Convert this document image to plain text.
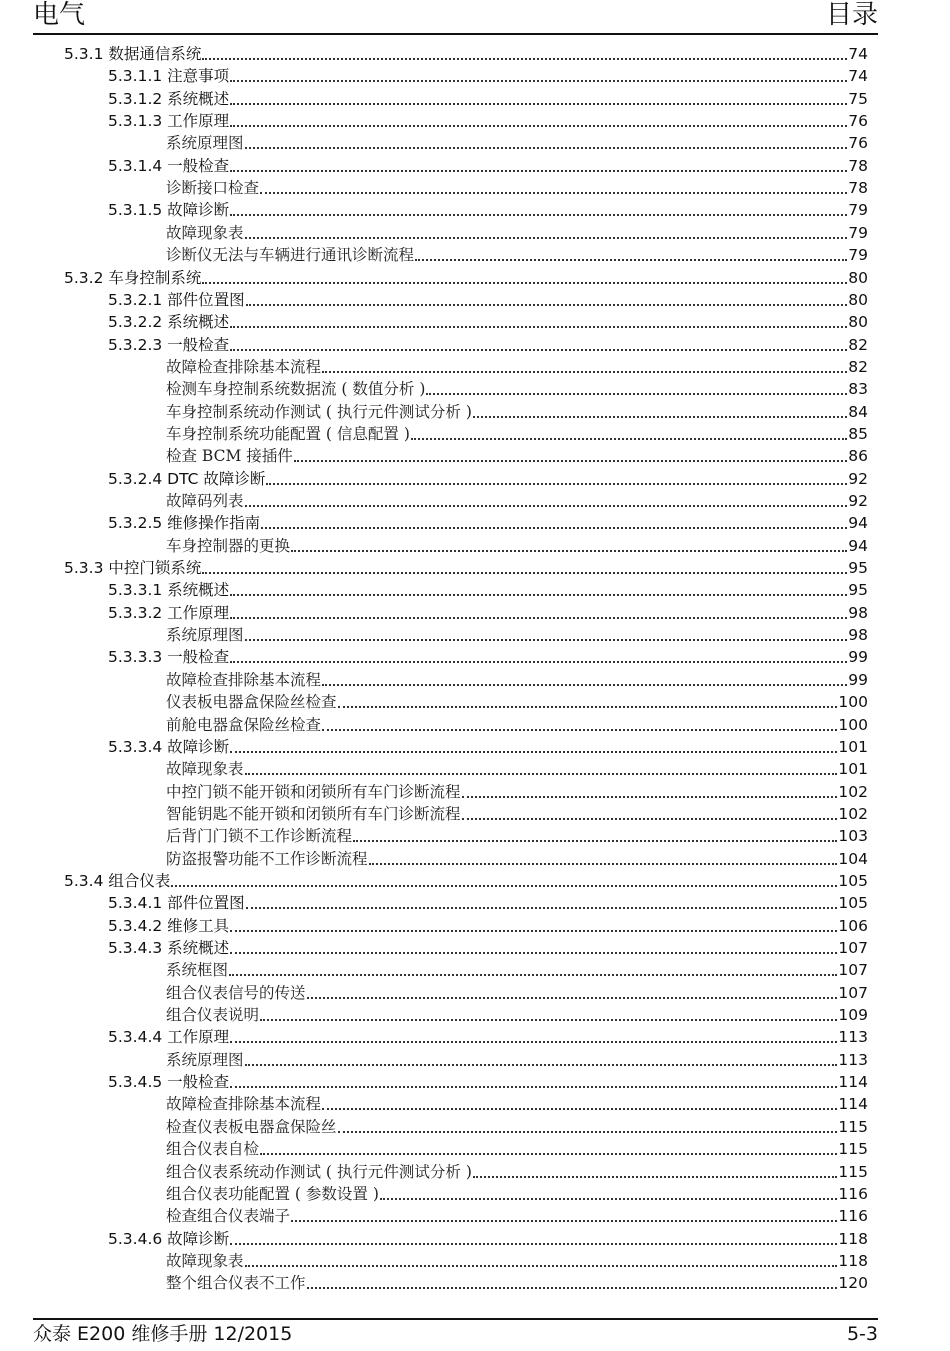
电气	目录
5.3.1 数据通信系统	74
5.3.1.1 注意事项	74
5.3.1.2 系统概述	75
5.3.1.3 工作原理	76
系统原理图	76
5.3.1.4 一般检查	78
诊断接口检查	78
5.3.1.5 故障诊断	79
故障现象表	79
诊断仪无法与车辆进行通讯诊断流程	79
5.3.2 车身控制系统	80
5.3.2.1 部件位置图	80
5.3.2.2 系统概述	80
5.3.2.3 一般检查	82
故障检查排除基本流程	82
检测车身控制系统数据流 ( 数值分析 )	83
车身控制系统动作测试 ( 执行元件测试分析 )	84
车身控制系统功能配置 ( 信息配置 )	85
检查 BCM 接插件	86
5.3.2.4 DTC 故障诊断	92
故障码列表	92
5.3.2.5 维修操作指南	94
车身控制器的更换	94
5.3.3 中控门锁系统	95
5.3.3.1 系统概述	95
5.3.3.2 工作原理	98
系统原理图	98
5.3.3.3 一般检查	99
故障检查排除基本流程	99
仪表板电器盒保险丝检查	100
前舱电器盒保险丝检查	100
5.3.3.4 故障诊断	101
故障现象表	101
中控门锁不能开锁和闭锁所有车门诊断流程	102
智能钥匙不能开锁和闭锁所有车门诊断流程	102
后背门门锁不工作诊断流程	103
防盗报警功能不工作诊断流程	104
5.3.4 组合仪表	105
5.3.4.1 部件位置图	105
5.3.4.2 维修工具	106
5.3.4.3 系统概述	107
系统框图	107
组合仪表信号的传送	107
组合仪表说明	109
5.3.4.4 工作原理	113
系统原理图	113
5.3.4.5 一般检查	114
故障检查排除基本流程	114
检查仪表板电器盒保险丝	115
组合仪表自检	115
组合仪表系统动作测试 ( 执行元件测试分析 )	115
组合仪表功能配置 ( 参数设置 )	116
检查组合仪表端子	116
5.3.4.6 故障诊断	118
故障现象表	118
整个组合仪表不工作	120
众泰 E200 维修手册 12/2015	5-3
